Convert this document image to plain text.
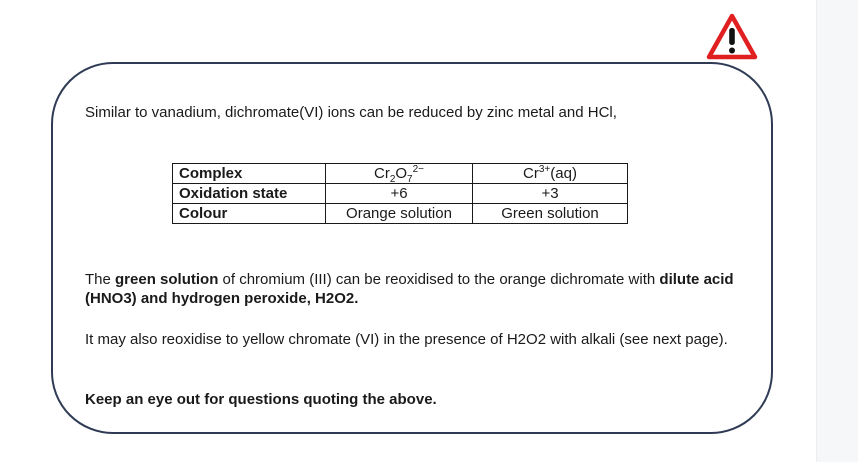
Similar to vanadium, dichromate(VI) ions can be reduced by zinc metal and HCl,
Complex	$Cr_2O_7^{2-}$	$Cr^{3+}(aq)$
Oxidation state	+6	+3
Colour	Orange solution	Green solution
The green solution of chromium (III) can be reoxidised to the orange dichromate with dilute acid (HNO3) and hydrogen peroxide, H2O2.
It may also reoxidise to yellow chromate (VI) in the presence of H2O2 with alkali (see next page).
Keep an eye out for questions quoting the above.
